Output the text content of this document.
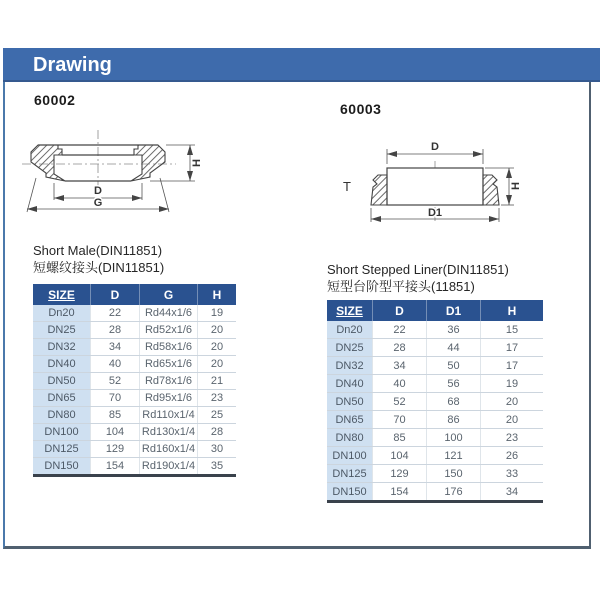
Drawing
60002
60003
D
G
H
T
D
D1
H
Short Male(DIN11851)
短螺纹接头(DIN11851)	Short Stepped Liner(DIN11851)
短型台阶型平接头(11851)
SIZE	D	G	H
Dn20	22	Rd44x1/6	19
DN25	28	Rd52x1/6	20
DN32	34	Rd58x1/6	20
DN40	40	Rd65x1/6	20
DN50	52	Rd78x1/6	21
DN65	70	Rd95x1/6	23
DN80	85	Rd110x1/4	25
DN100	104	Rd130x1/4	28
DN125	129	Rd160x1/4	30
DN150	154	Rd190x1/4	35
SIZE	D	D1	H
Dn20	22	36	15
DN25	28	44	17
DN32	34	50	17
DN40	40	56	19
DN50	52	68	20
DN65	70	86	20
DN80	85	100	23
DN100	104	121	26
DN125	129	150	33
DN150	154	176	34
